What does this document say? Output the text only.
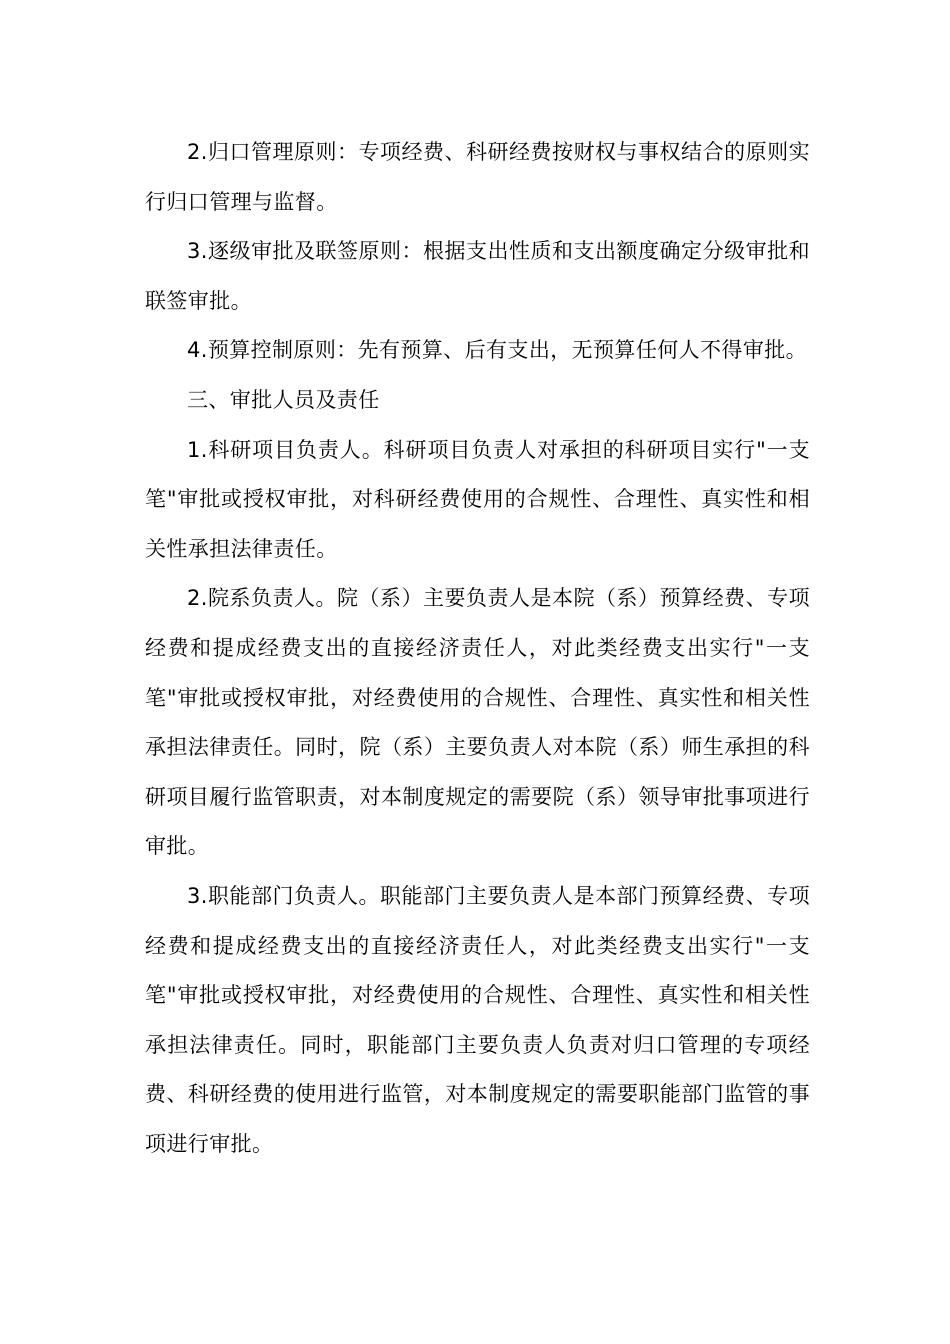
2.归口管理原则：专项经费、科研经费按财权与事权结合的原则实行归口管理与监督。

3.逐级审批及联签原则：根据支出性质和支出额度确定分级审批和联签审批。

4.预算控制原则：先有预算、后有支出，无预算任何人不得审批。

三、审批人员及责任

1.科研项目负责人。科研项目负责人对承担的科研项目实行"一支笔"审批或授权审批，对科研经费使用的合规性、合理性、真实性和相关性承担法律责任。

2.院系负责人。院（系）主要负责人是本院（系）预算经费、专项经费和提成经费支出的直接经济责任人，对此类经费支出实行"一支笔"审批或授权审批，对经费使用的合规性、合理性、真实性和相关性承担法律责任。同时，院（系）主要负责人对本院（系）师生承担的科研项目履行监管职责，对本制度规定的需要院（系）领导审批事项进行审批。

3.职能部门负责人。职能部门主要负责人是本部门预算经费、专项经费和提成经费支出的直接经济责任人，对此类经费支出实行"一支笔"审批或授权审批，对经费使用的合规性、合理性、真实性和相关性承担法律责任。同时，职能部门主要负责人负责对归口管理的专项经费、科研经费的使用进行监管，对本制度规定的需要职能部门监管的事项进行审批。
